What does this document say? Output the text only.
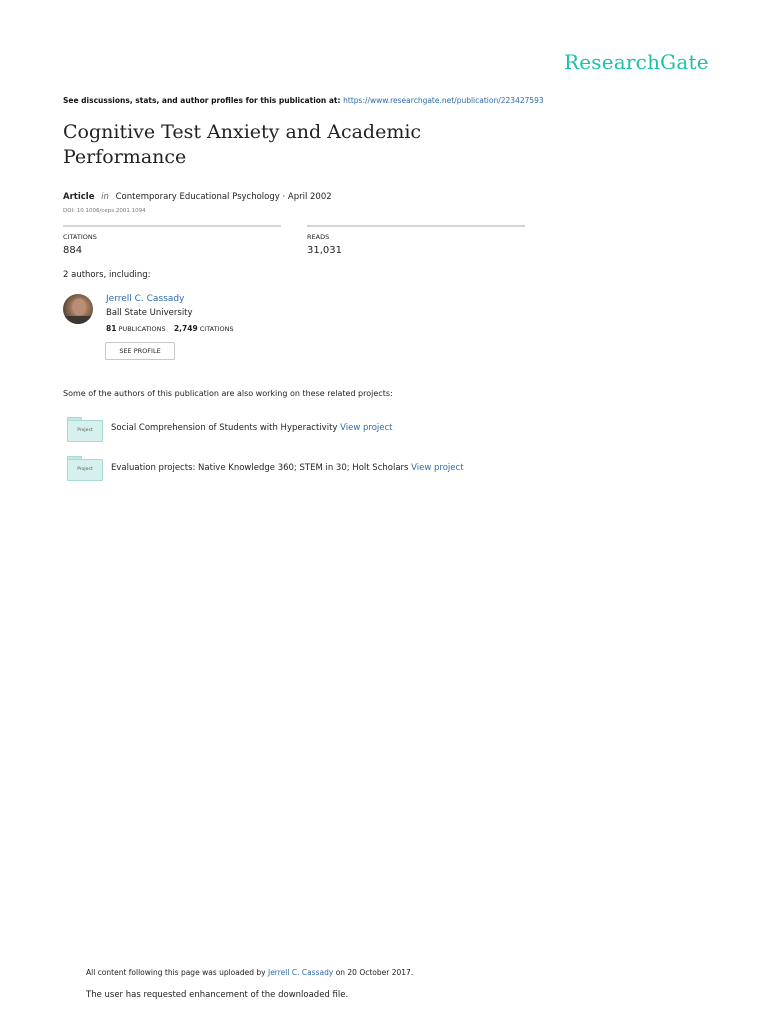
ResearchGate
See discussions, stats, and author profiles for this publication at: https://www.researchgate.net/publication/223427593
Cognitive Test Anxiety and Academic Performance
Article in Contemporary Educational Psychology · April 2002
DOI: 10.1006/ceps.2001.1094
CITATIONS
884
READS
31,031
2 authors, including:
Jerrell C. Cassady
Ball State University
81 PUBLICATIONS 2,749 CITATIONS
SEE PROFILE
Some of the authors of this publication are also working on these related projects:
Project	Social Comprehension of Students with Hyperactivity View project
Project	Evaluation projects: Native Knowledge 360; STEM in 30; Holt Scholars View project
All content following this page was uploaded by Jerrell C. Cassady on 20 October 2017.
The user has requested enhancement of the downloaded file.
